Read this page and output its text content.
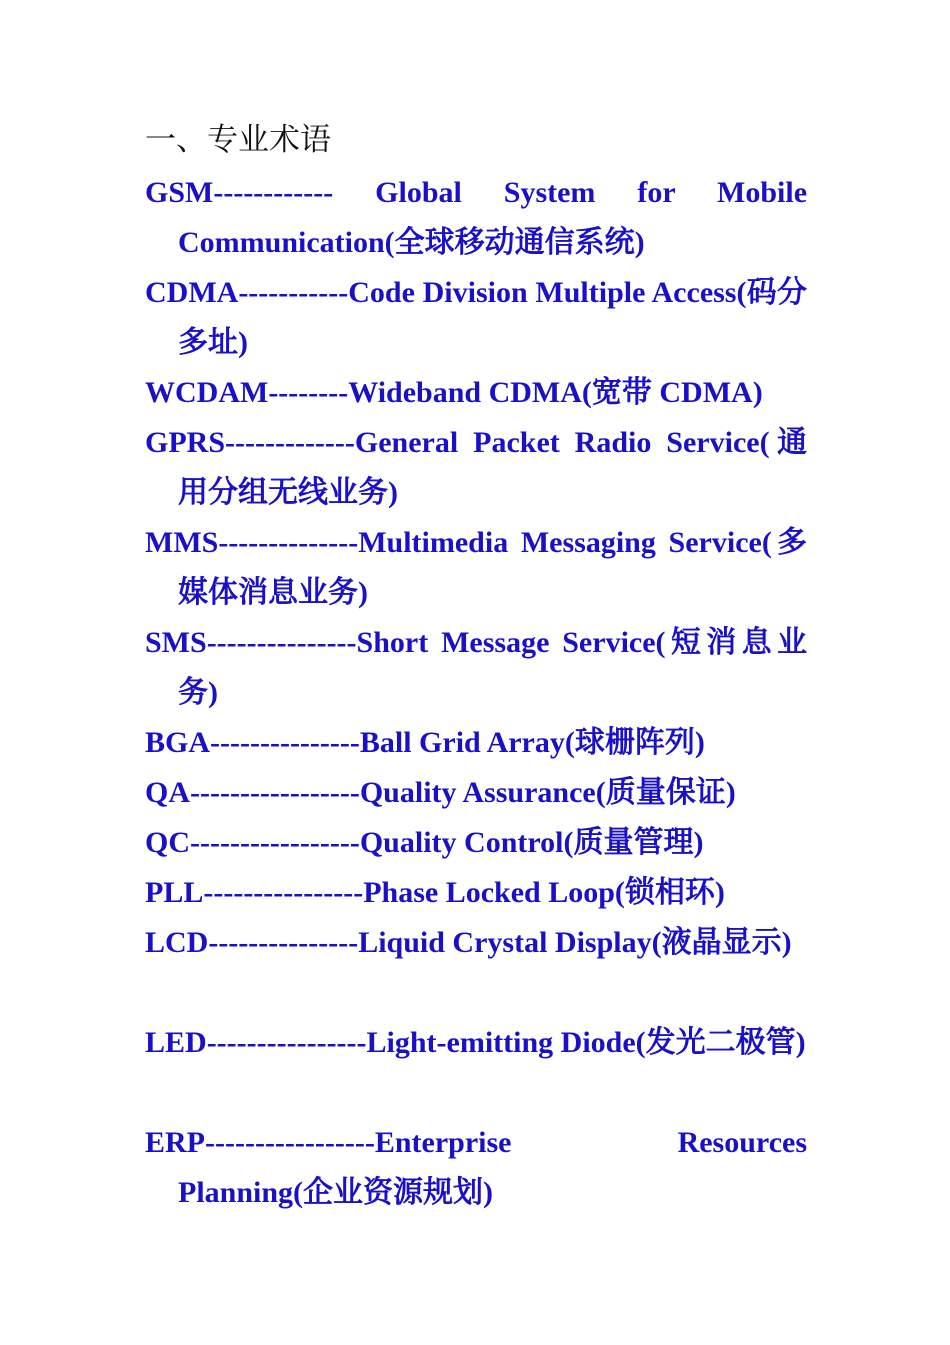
一、专业术语

GSM------------ Global System for Mobile Communication(全球移动通信系统)

CDMA-----------Code Division Multiple Access(码分多址)

WCDAM--------Wideband CDMA(宽带 CDMA)

GPRS-------------General Packet Radio Service(通用分组无线业务)

MMS--------------Multimedia Messaging Service(多媒体消息业务)

SMS---------------Short Message Service(短消息业务)

BGA---------------Ball Grid Array(球栅阵列)

QA-----------------Quality Assurance(质量保证)

QC-----------------Quality Control(质量管理)

PLL----------------Phase Locked Loop(锁相环)

LCD---------------Liquid Crystal Display(液晶显示)

LED----------------Light-emitting Diode(发光二极管)

ERP-----------------Enterprise Resources Planning(企业资源规划)
